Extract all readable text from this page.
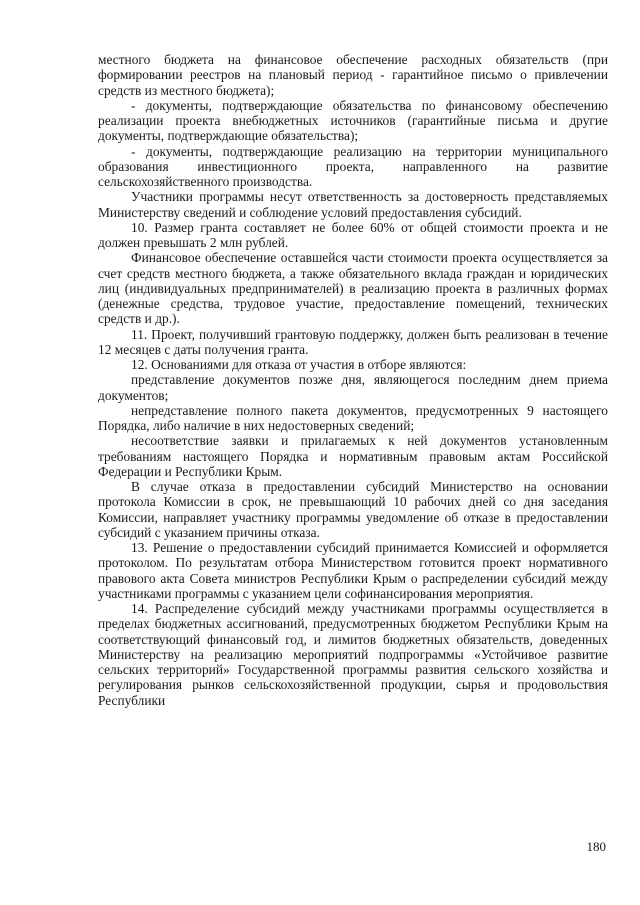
местного бюджета на финансовое обеспечение расходных обязательств (при формировании реестров на плановый период - гарантийное письмо о привлечении средств из местного бюджета);

- документы, подтверждающие обязательства по финансовому обеспечению реализации проекта внебюджетных источников (гарантийные письма и другие документы, подтверждающие обязательства);

- документы, подтверждающие реализацию на территории муниципального образования инвестиционного проекта, направленного на развитие сельскохозяйственного производства.

Участники программы несут ответственность за достоверность представляемых Министерству сведений и соблюдение условий предоставления субсидий.

10. Размер гранта составляет не более 60% от общей стоимости проекта и не должен превышать 2 млн рублей.

Финансовое обеспечение оставшейся части стоимости проекта осуществляется за счет средств местного бюджета, а также обязательного вклада граждан и юридических лиц (индивидуальных предпринимателей) в реализацию проекта в различных формах (денежные средства, трудовое участие, предоставление помещений, технических средств и др.).

11. Проект, получивший грантовую поддержку, должен быть реализован в течение 12 месяцев с даты получения гранта.

12. Основаниями для отказа от участия в отборе являются:

представление документов позже дня, являющегося последним днем приема документов;

непредставление полного пакета документов, предусмотренных 9 настоящего Порядка, либо наличие в них недостоверных сведений;

несоответствие заявки и прилагаемых к ней документов установленным требованиям настоящего Порядка и нормативным правовым актам Российской Федерации и Республики Крым.

В случае отказа в предоставлении субсидий Министерство на основании протокола Комиссии в срок, не превышающий 10 рабочих дней со дня заседания Комиссии, направляет участнику программы уведомление об отказе в предоставлении субсидий с указанием причины отказа.

13. Решение о предоставлении субсидий принимается Комиссией и оформляется протоколом. По результатам отбора Министерством готовится проект нормативного правового акта Совета министров Республики Крым о распределении субсидий между участниками программы с указанием цели софинансирования мероприятия.

14. Распределение субсидий между участниками программы осуществляется в пределах бюджетных ассигнований, предусмотренных бюджетом Республики Крым на соответствующий финансовый год, и лимитов бюджетных обязательств, доведенных Министерству на реализацию мероприятий подпрограммы «Устойчивое развитие сельских территорий» Государственной программы развития сельского хозяйства и регулирования рынков сельскохозяйственной продукции, сырья и продовольствия Республики

180
